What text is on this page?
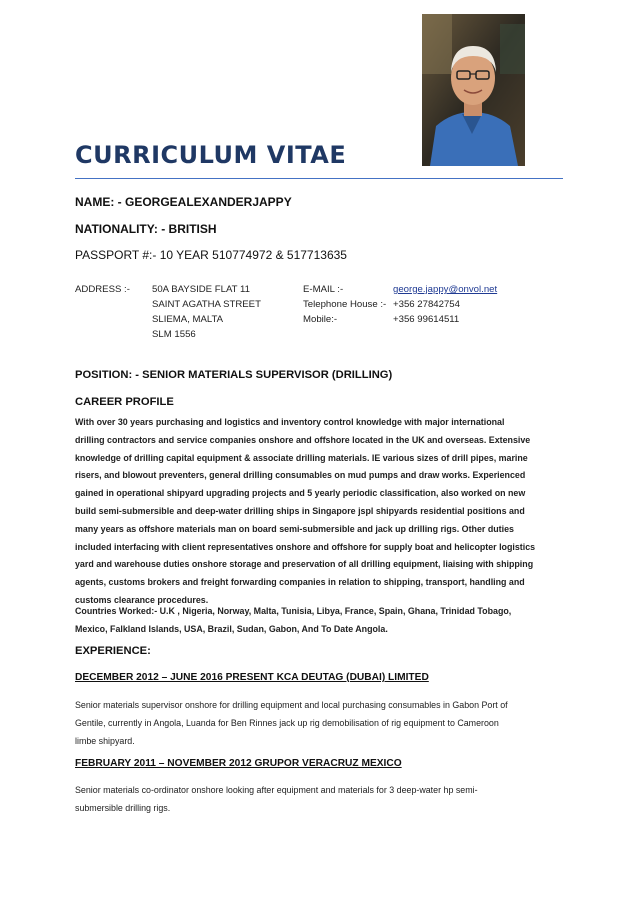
CURRICULUM VITAE
NAME: - GEORGEALEXANDERJAPPY
NATIONALITY: - BRITISH
PASSPORT #:- 10 YEAR 510774972 & 517713635
ADDRESS :- 50A BAYSIDE FLAT 11
SAINT AGATHA STREET
SLIEMA, MALTA
SLM 1556
E-MAIL :-	george.jappy@onvol.net
Telephone House :- +356 27842754
Mobile:-	+356 99614511
POSITION: - SENIOR MATERIALS SUPERVISOR (DRILLING)
CAREER PROFILE
With over 30 years purchasing and logistics and inventory control knowledge with major international
drilling contractors and service companies onshore and offshore located in the UK and overseas. Extensive
knowledge of drilling capital equipment & associate drilling materials. IE various sizes of drill pipes, marine
risers, and blowout preventers, general drilling consumables on mud pumps and draw works. Experienced
gained in operational shipyard upgrading projects and 5 yearly periodic classification, also worked on new
build semi-submersible and deep-water drilling ships in Singapore jspl shipyards residential positions and
many years as offshore materials man on board semi-submersible and jack up drilling rigs. Other duties
included interfacing with client representatives onshore and offshore for supply boat and helicopter logistics
yard and warehouse duties onshore storage and preservation of all drilling equipment, liaising with shipping
agents, customs brokers and freight forwarding companies in relation to shipping, transport, handling and
customs clearance procedures.
Countries Worked:- U.K , Nigeria, Norway, Malta, Tunisia, Libya, France, Spain, Ghana, Trinidad Tobago,
Mexico, Falkland Islands, USA, Brazil, Sudan, Gabon, And To Date Angola.
EXPERIENCE:
DECEMBER 2012 – JUNE 2016 PRESENT KCA DEUTAG (DUBAI) LIMITED
Senior materials supervisor onshore for drilling equipment and local purchasing consumables in Gabon Port of
Gentile, currently in Angola, Luanda for Ben Rinnes jack up rig demobilisation of rig equipment to Cameroon
limbe shipyard.
FEBRUARY 2011 – NOVEMBER 2012 GRUPOR VERACRUZ MEXICO
Senior materials co-ordinator onshore looking after equipment and materials for 3 deep-water hp semi-
submersible drilling rigs.
